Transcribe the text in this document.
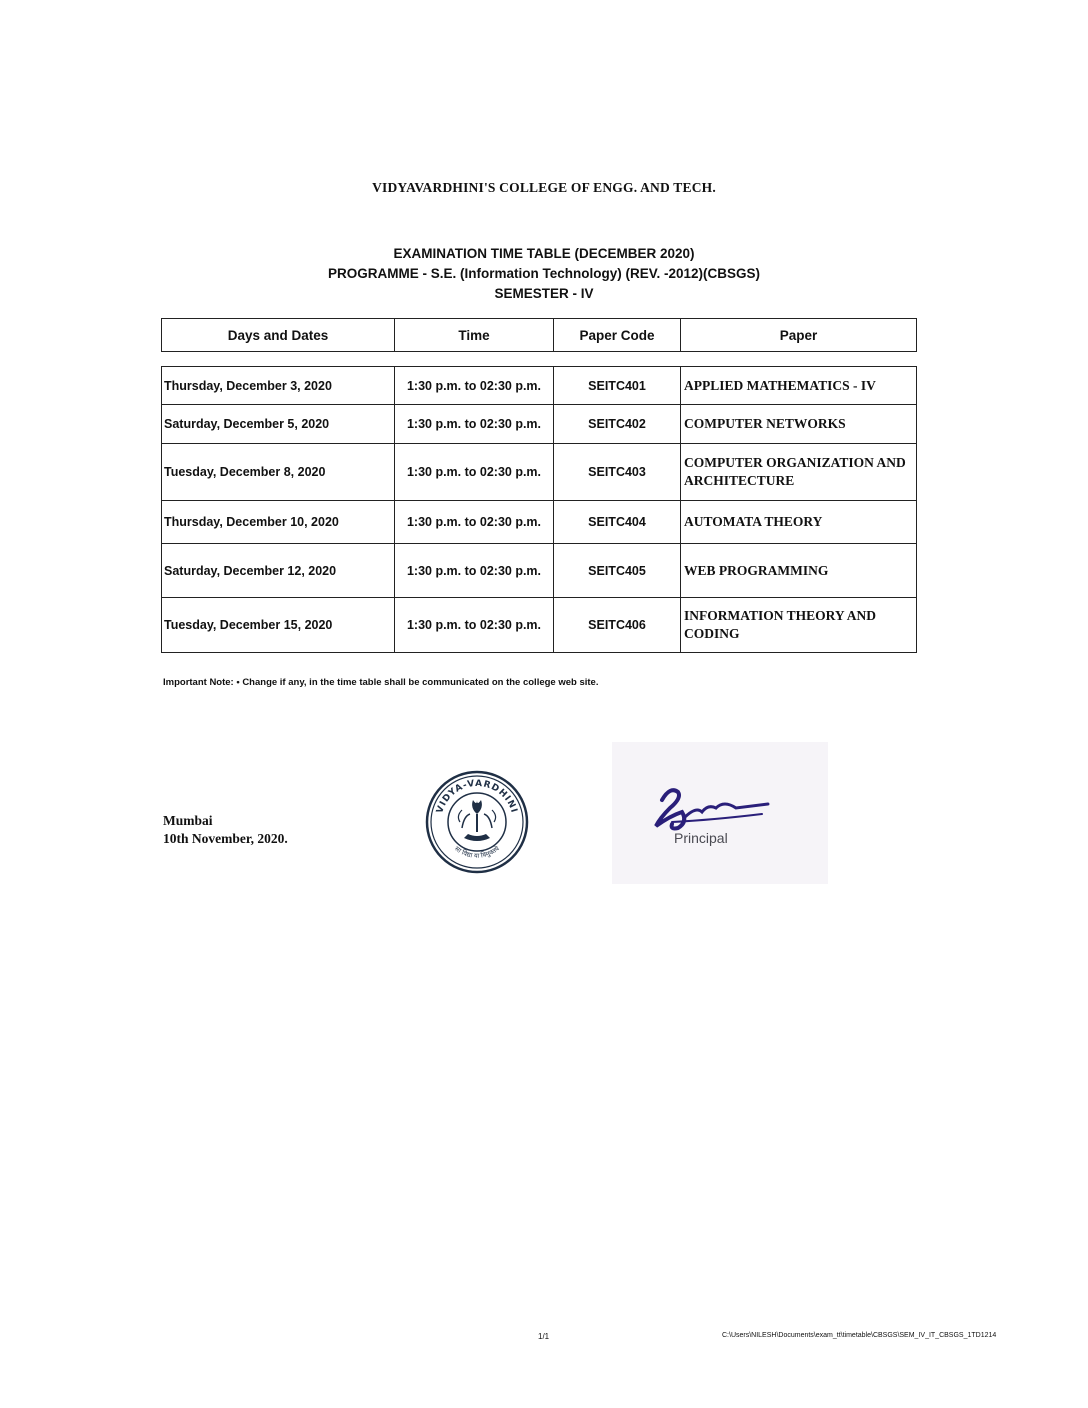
VIDYAVARDHINI'S COLLEGE OF ENGG. AND TECH.
EXAMINATION TIME TABLE (DECEMBER 2020)
PROGRAMME - S.E. (Information Technology) (REV. -2012)(CBSGS)
SEMESTER - IV
Days and Dates	Time	Paper Code	Paper
Thursday, December 3, 2020	1:30 p.m. to 02:30 p.m.	SEITC401	APPLIED MATHEMATICS - IV
Saturday, December 5, 2020	1:30 p.m. to 02:30 p.m.	SEITC402	COMPUTER NETWORKS
Tuesday, December 8, 2020	1:30 p.m. to 02:30 p.m.	SEITC403	COMPUTER ORGANIZATION AND ARCHITECTURE
Thursday, December 10, 2020	1:30 p.m. to 02:30 p.m.	SEITC404	AUTOMATA THEORY
Saturday, December 12, 2020	1:30 p.m. to 02:30 p.m.	SEITC405	WEB PROGRAMMING
Tuesday, December 15, 2020	1:30 p.m. to 02:30 p.m.	SEITC406	INFORMATION THEORY AND CODING
Important Note: • Change if any, in the time table shall be communicated on the college web site.
Mumbai
10th November, 2020.
VIDYA-VARDHINI
सा विद्या या विमुक्तये
Principal
1/1	C:\Users\NILESH\Documents\exam_tt\timetable\CBSGS\SEM_IV_IT_CBSGS_1TD1214
